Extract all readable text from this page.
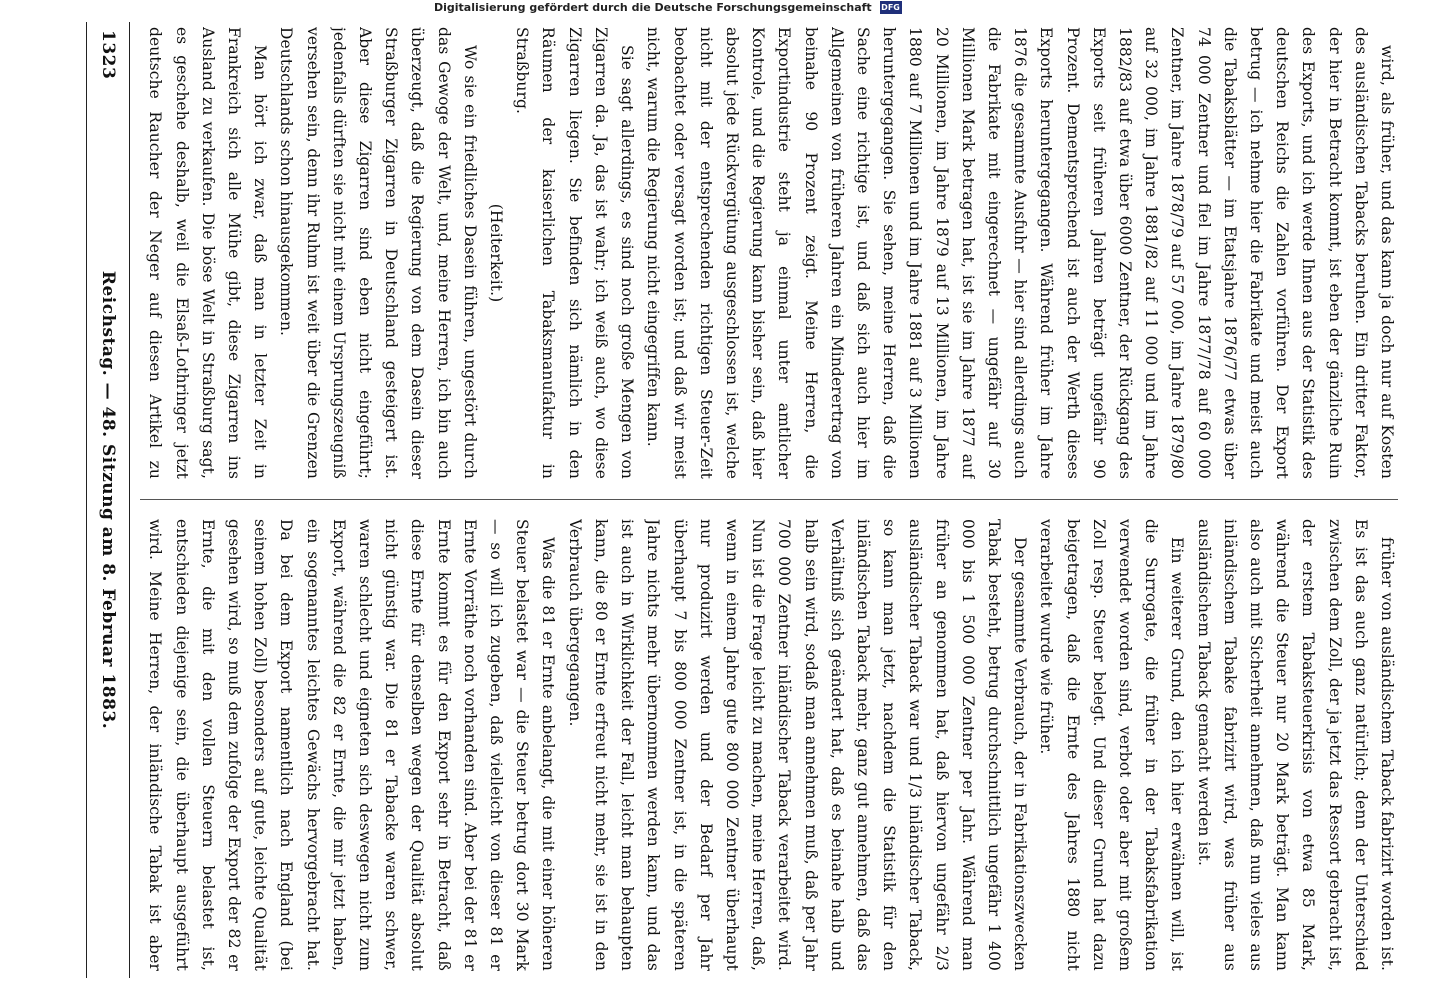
Reichstag. — 48. Sitzung am 8. Februar 1883.
1323	wird, als früher, und das kann ja doch nur auf Kosten des ausländischen Tabacks beruhen. Ein dritter Faktor, der hier in Betracht kommt, ist eben der gänzliche Ruin des Exports, und ich werde Ihnen aus der Statistik des deutschen Reichs die Zahlen vorführen. Der Export betrug — ich nehme hier die Fabrikate und meist auch die Tabaksblätter — im Etatsjahre 1876/77 etwas über 74 000 Zentner und fiel im Jahre 1877/78 auf 60 000 Zentner, im Jahre 1878/79 auf 57 000, im Jahre 1879/80 auf 32 000, im Jahre 1881/82 auf 11 000 und im Jahre 1882/83 auf etwa über 6000 Zentner, der Rückgang des Exports seit früheren Jahren beträgt ungefähr 90 Prozent. Dementsprechend ist auch der Werth dieses Exports heruntergegangen. Während früher im Jahre 1876 die gesammte Ausfuhr — hier sind allerdings auch die Fabrikate mit eingerechnet — ungefähr auf 30 Millionen Mark betragen hat, ist sie im Jahre 1877 auf 20 Millionen, im Jahre 1879 auf 13 Millionen, im Jahre 1880 auf 7 Millionen und im Jahre 1881 auf 3 Millionen heruntergegangen. Sie sehen, meine Herren, daß die Sache eine richtige ist, und daß sich auch hier im Allgemeinen von früheren Jahren ein Minderertrag von beinahe 90 Prozent zeigt. Meine Herren, die Exportindustrie steht ja einmal unter amtlicher Kontrole, und die Regierung kann bisher sein, daß hier absolut jede Rückvergütung ausgeschlossen ist, welche nicht mit der entsprechenden richtigen Steuer-Zeit beobachtet oder versagt worden ist; und daß wir meist nicht, warum die Regierung nicht eingegriffen kann.

Sie sagt allerdings, es sind noch große Mengen von Zigarren da. Ja, das ist wahr; ich weiß auch, wo diese Zigarren liegen. Sie befinden sich nämlich in den Räumen der kaiserlichen Tabaksmanufaktur in Straßburg.

(Heiterkeit.)

Wo sie ein friedliches Dasein führen, ungestört durch das Gewoge der Welt, und, meine Herren, ich bin auch überzeugt, daß die Regierung von dem Dasein dieser Straßburger Zigarren in Deutschland gesteigert ist. Aber diese Zigarren sind eben nicht eingeführt; jedenfalls dürften sie nicht mit einem Ursprungszeugniß versehen sein, denn ihr Ruhm ist weit über die Grenzen Deutschlands schon hinausgekommen.

Man hört ich zwar, daß man in letzter Zeit in Frankreich sich alle Mühe gibt, diese Zigarren ins Ausland zu verkaufen. Die böse Welt in Straßburg sagt, es geschehe deshalb, weil die Elsaß-Lothringer jetzt deutsche Raucher der Neger auf diesen Artikel zu

früher von ausländischem Taback fabrizirt worden ist. Es ist das auch ganz natürlich; denn der Unterschied zwischen dem Zoll, der ja jetzt das Ressort gebracht ist, der erstem Tabaksteuerkrisis von etwa 85 Mark, während die Steuer nur 20 Mark beträgt. Man kann also auch mit Sicherheit annehmen, daß nun vieles aus inländischem Tabake fabrizirt wird, was früher aus ausländischem Taback gemacht werden ist.

Ein weiterer Grund, den ich hier erwähnen will, ist die Surrogate, die früher in der Tabaksfabrikation verwendet worden sind, verbot oder aber mit großem Zoll resp. Steuer belegt. Und dieser Grund hat dazu beigetragen, daß die Ernte des Jahres 1880 nicht verarbeitet wurde wie früher.

Der gesammte Verbrauch, der in Fabrikationszwecken Tabak besteht, betrug durchschnittlich ungefähr 1 400 000 bis 1 500 000 Zentner per Jahr. Während man früher an genommen hat, daß hiervon ungefähr 2/3 ausländischer Taback war und 1/3 inländischer Taback, so kann man jetzt, nachdem die Statistik für den inländischen Taback mehr, ganz gut annehmen, daß das Verhältniß sich geändert hat, daß es beinahe halb und halb sein wird, sodaß man annehmen muß, daß per Jahr 700 000 Zentner inländischer Taback verarbeitet wird. Nun ist die Frage leicht zu machen, meine Herren, daß, wenn in einem Jahre gute 800 000 Zentner überhaupt nur produzirt werden und der Bedarf per Jahr überhaupt 7 bis 800 000 Zentner ist, in die späteren Jahre nichts mehr übernommen werden kann, und das ist auch in Wirklichkeit der Fall, leicht man behaupten kann, die 80 er Ernte erfreut nicht mehr, sie ist in den Verbrauch übergegangen.

Was die 81 er Ernte anbelangt, die mit einer höheren Steuer belastet war — die Steuer betrug dort 30 Mark — so will ich zugeben, daß vielleicht von dieser 81 er Ernte Vorräthe noch vorhanden sind. Aber bei der 81 er Ernte kommt es für den Export sehr in Betracht, daß diese Ernte für denselben wegen der Qualität absolut nicht günstig war. Die 81 er Tabacke waren schwer, waren schlecht und eigneten sich deswegen nicht zum Export, während die 82 er Ernte, die mir jetzt haben, ein sogenanntes leichtes Gewächs hervorgebracht hat. Da bei dem Export namentlich nach England (bei seinem hohen Zoll) besonders auf gute, leichte Qualität gesehen wird, so muß dem zufolge der Export der 82 er Ernte, die mit den vollen Steuern belastet ist, entschieden diejenige sein, die überhaupt ausgeführt wird. Meine Herren, der inländische Tabak ist aber

Digitalisierung gefördert durch die Deutsche Forschungsgemeinschaft DFG
